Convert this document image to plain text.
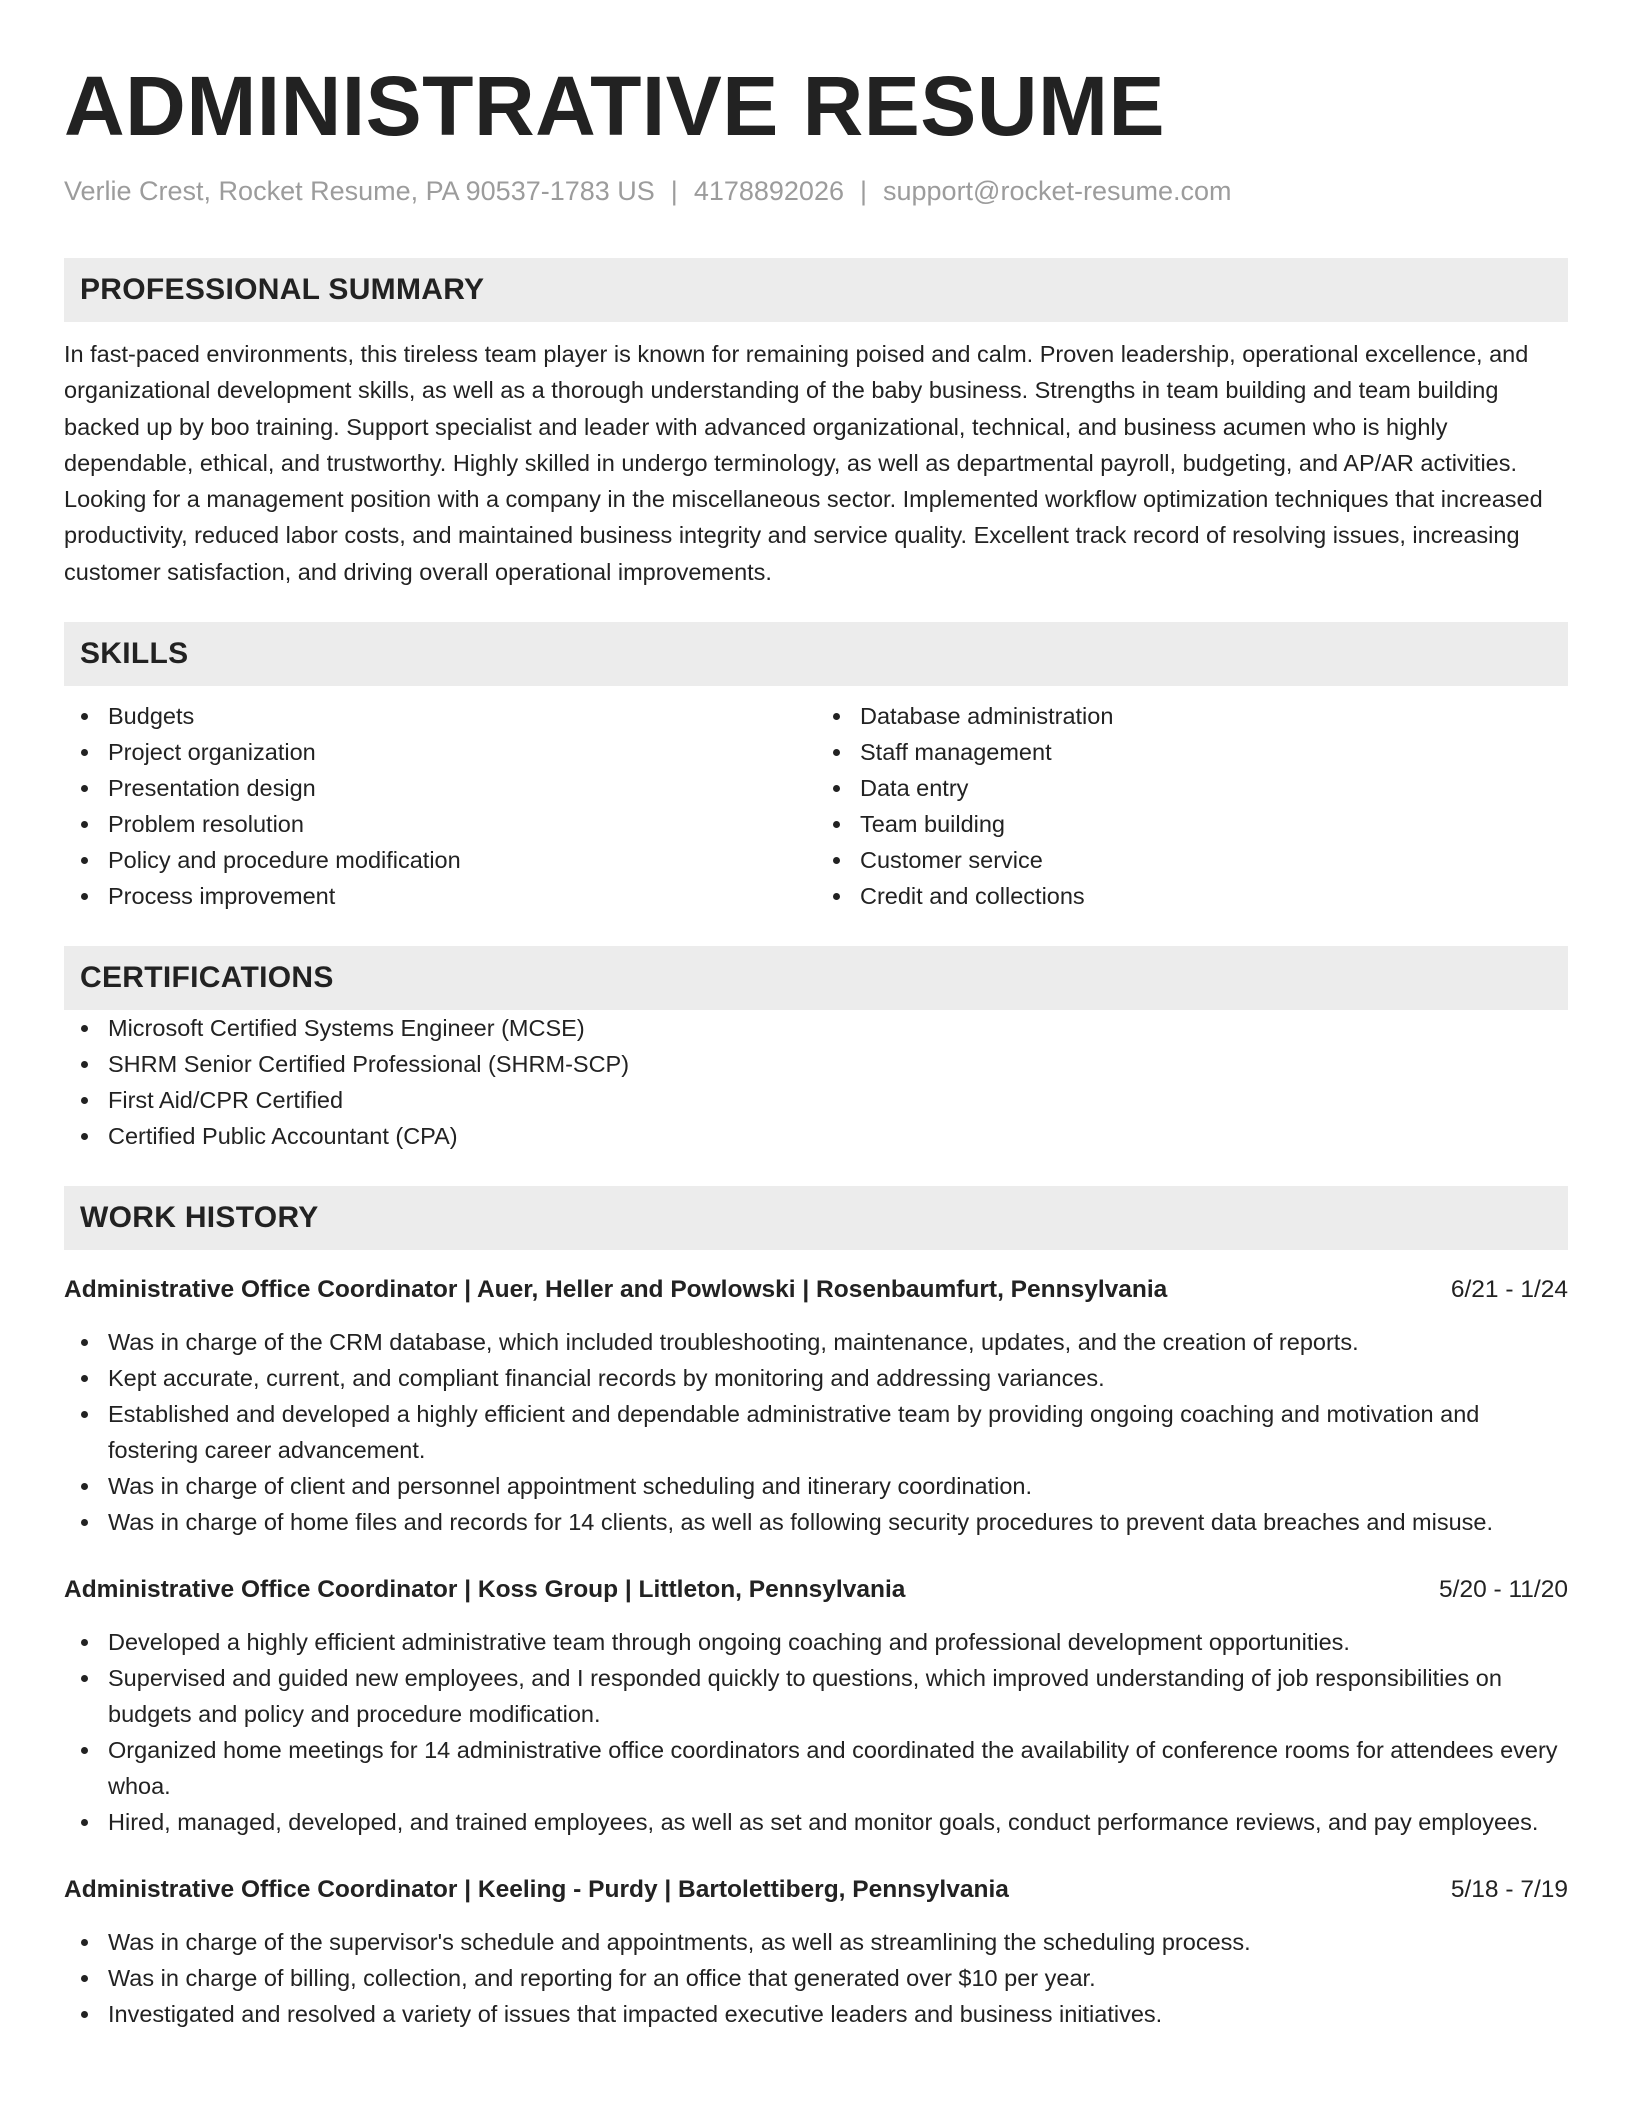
ADMINISTRATIVE RESUME
Verlie Crest, Rocket Resume, PA 90537-1783 US | 4178892026 | support@rocket-resume.com
PROFESSIONAL SUMMARY
In fast-paced environments, this tireless team player is known for remaining poised and calm. Proven leadership, operational excellence, and organizational development skills, as well as a thorough understanding of the baby business. Strengths in team building and team building backed up by boo training. Support specialist and leader with advanced organizational, technical, and business acumen who is highly dependable, ethical, and trustworthy. Highly skilled in undergo terminology, as well as departmental payroll, budgeting, and AP/AR activities. Looking for a management position with a company in the miscellaneous sector. Implemented workflow optimization techniques that increased productivity, reduced labor costs, and maintained business integrity and service quality. Excellent track record of resolving issues, increasing customer satisfaction, and driving overall operational improvements.
SKILLS
Budgets
Project organization
Presentation design
Problem resolution
Policy and procedure modification
Process improvement
Database administration
Staff management
Data entry
Team building
Customer service
Credit and collections
CERTIFICATIONS
Microsoft Certified Systems Engineer (MCSE)
SHRM Senior Certified Professional (SHRM-SCP)
First Aid/CPR Certified
Certified Public Accountant (CPA)
WORK HISTORY
Administrative Office Coordinator | Auer, Heller and Powlowski | Rosenbaumfurt, Pennsylvania	6/21 - 1/24
Was in charge of the CRM database, which included troubleshooting, maintenance, updates, and the creation of reports.
Kept accurate, current, and compliant financial records by monitoring and addressing variances.
Established and developed a highly efficient and dependable administrative team by providing ongoing coaching and motivation and fostering career advancement.
Was in charge of client and personnel appointment scheduling and itinerary coordination.
Was in charge of home files and records for 14 clients, as well as following security procedures to prevent data breaches and misuse.
Administrative Office Coordinator | Koss Group | Littleton, Pennsylvania	5/20 - 11/20
Developed a highly efficient administrative team through ongoing coaching and professional development opportunities.
Supervised and guided new employees, and I responded quickly to questions, which improved understanding of job responsibilities on budgets and policy and procedure modification.
Organized home meetings for 14 administrative office coordinators and coordinated the availability of conference rooms for attendees every whoa.
Hired, managed, developed, and trained employees, as well as set and monitor goals, conduct performance reviews, and pay employees.
Administrative Office Coordinator | Keeling - Purdy | Bartolettiberg, Pennsylvania	5/18 - 7/19
Was in charge of the supervisor's schedule and appointments, as well as streamlining the scheduling process.
Was in charge of billing, collection, and reporting for an office that generated over $10 per year.
Investigated and resolved a variety of issues that impacted executive leaders and business initiatives.
